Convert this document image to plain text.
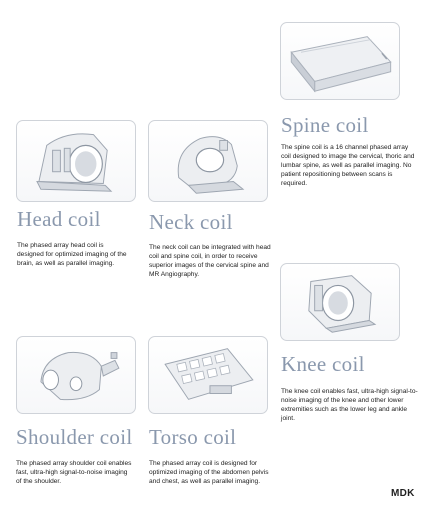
Spine coil
The spine coil is a 16 channel phased array coil designed to image the cervical, thoric and lumbar spine, as well as parallel imaging. No patient repositioning between scans is required.
Head coil
The phased array head coil is designed for optimized imaging of the brain, as well as parallel imaging.
Neck coil
The neck coil can be integrated with head coil and spine coil, in order to receive superior images of the cervical spine and MR Angiography.
Knee coil
The knee coil enables fast, ultra-high signal-to-noise imaging of the knee and other lower extremities such as the lower leg and ankle joint.
Shoulder coil
The phased array shoulder coil enables fast, ultra-high signal-to-noise imaging of the shoulder.
Torso coil
The phased array coil is designed for optimized imaging of the abdomen pelvis and chest, as well as parallel imaging.
MDK
